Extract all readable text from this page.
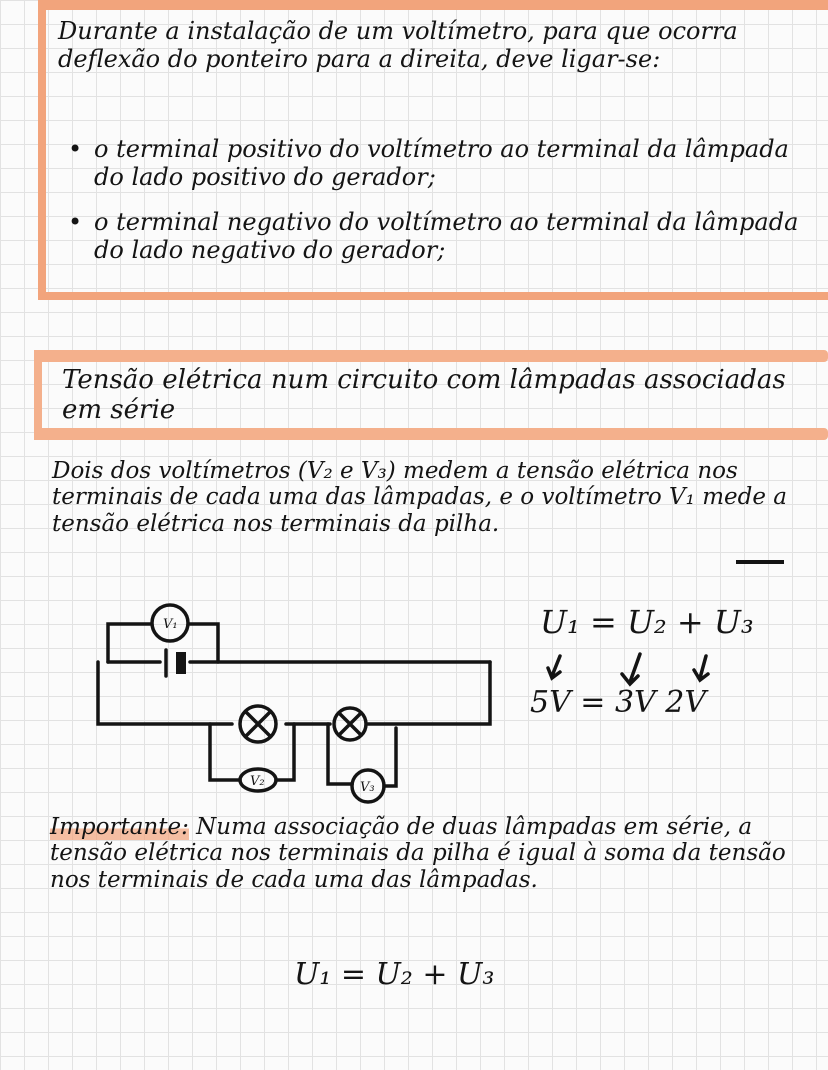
Durante a instalação de um voltímetro, para que ocorra deflexão do ponteiro para a direita, deve ligar-se:
• o terminal positivo do voltímetro ao terminal da lâmpada do lado positivo do gerador;
• o terminal negativo do voltímetro ao terminal da lâmpada do lado negativo do gerador;
Tensão elétrica num circuito com lâmpadas associadas em série
Dois dos voltímetros (V₂ e V₃) medem a tensão elétrica nos terminais de cada uma das lâmpadas, e o voltímetro V₁ mede a tensão elétrica nos terminais da pilha.
V₁
V₂	V₃
U₁ = U₂ + U₃
5V = 3V 2V
Importante: Numa associação de duas lâmpadas em série, a tensão elétrica nos terminais da pilha é igual à soma da tensão nos terminais de cada uma das lâmpadas.
U₁ = U₂ + U₃
